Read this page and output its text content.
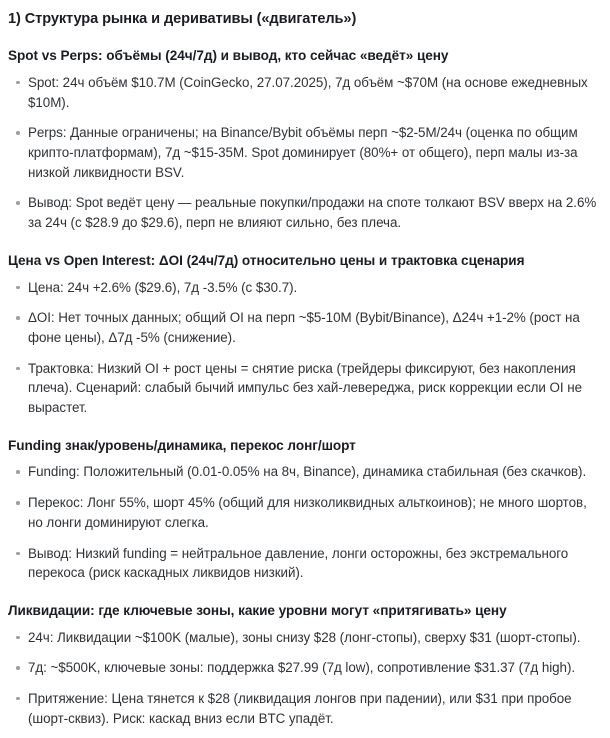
1) Структура рынка и деривативы («двигатель»)
Spot vs Perps: объёмы (24ч/7д) и вывод, кто сейчас «ведёт» цену
Spot: 24ч объём $10.7M (CoinGecko, 27.07.2025), 7д объём ~$70M (на основе ежедневных $10M).
Perps: Данные ограничены; на Binance/Bybit объёмы перп ~$2-5M/24ч (оценка по общим крипто-платформам), 7д ~$15-35M. Spot доминирует (80%+ от общего), перп малы из-за низкой ликвидности BSV.
Вывод: Spot ведёт цену — реальные покупки/продажи на споте толкают BSV вверх на 2.6% за 24ч (с $28.9 до $29.6), перп не влияют сильно, без плеча.
Цена vs Open Interest: ΔOI (24ч/7д) относительно цены и трактовка сценария
Цена: 24ч +2.6% ($29.6), 7д -3.5% (с $30.7).
ΔOI: Нет точных данных; общий OI на перп ~$5-10M (Bybit/Binance), Δ24ч +1-2% (рост на фоне цены), Δ7д -5% (снижение).
Трактовка: Низкий OI + рост цены = снятие риска (трейдеры фиксируют, без накопления плеча). Сценарий: слабый бычий импульс без хай-левереджа, риск коррекции если OI не вырастет.
Funding знак/уровень/динамика, перекос лонг/шорт
Funding: Положительный (0.01-0.05% на 8ч, Binance), динамика стабильная (без скачков).
Перекос: Лонг 55%, шорт 45% (общий для низколиквидных альткоинов); не много шортов, но лонги доминируют слегка.
Вывод: Низкий funding = нейтральное давление, лонги осторожны, без экстремального перекоса (риск каскадных ликвидов низкий).
Ликвидации: где ключевые зоны, какие уровни могут «притягивать» цену
24ч: Ликвидации ~$100K (малые), зоны снизу $28 (лонг-стопы), сверху $31 (шорт-стопы).
7д: ~$500K, ключевые зоны: поддержка $27.99 (7д low), сопротивление $31.37 (7д high).
Притяжение: Цена тянется к $28 (ликвидация лонгов при падении), или $31 при пробое (шорт-сквиз). Риск: каскад вниз если BTC упадёт.
